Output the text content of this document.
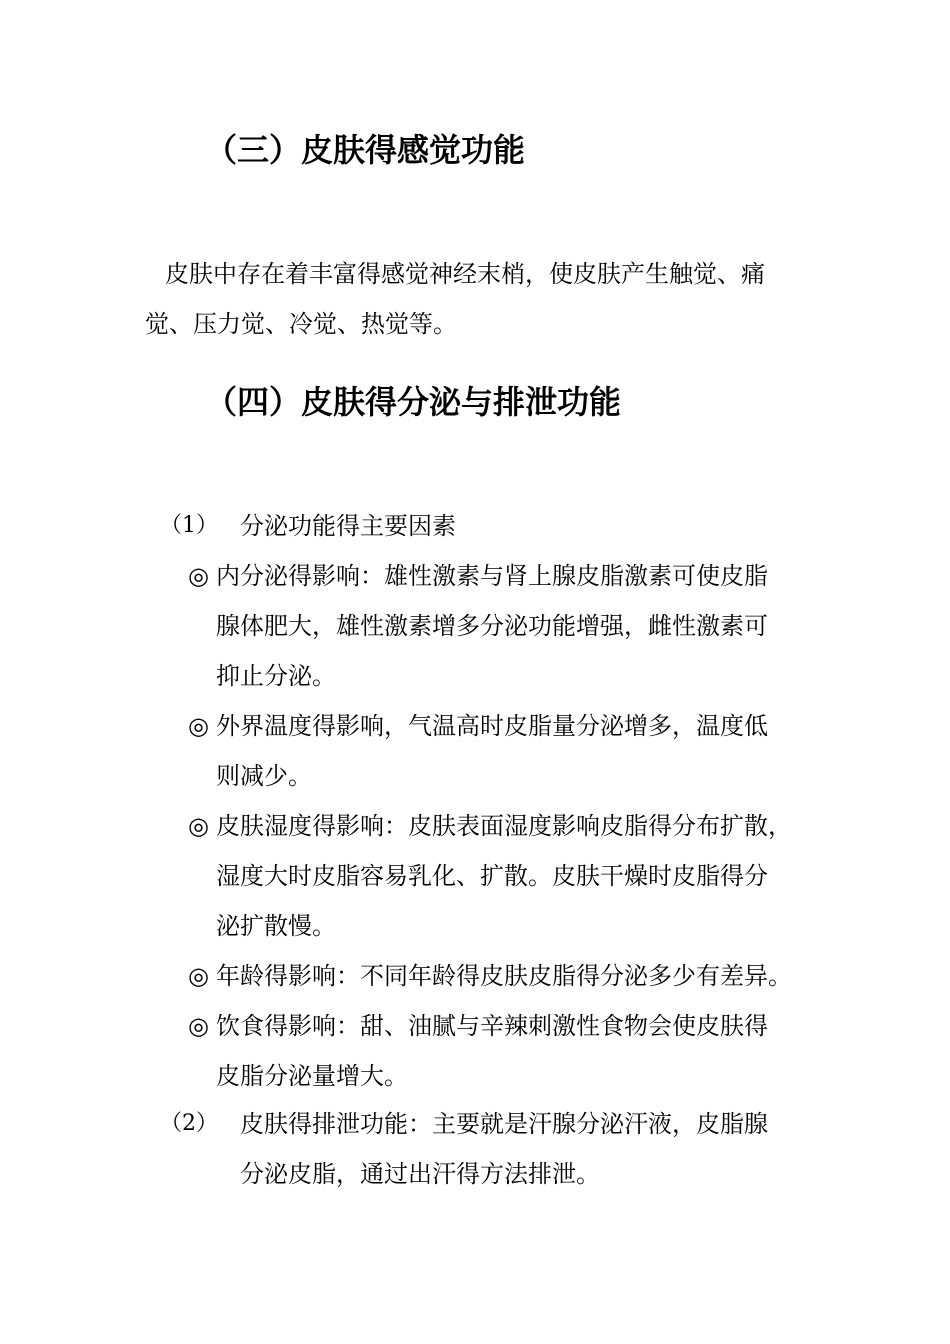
（三）皮肤得感觉功能
皮肤中存在着丰富得感觉神经末梢，使皮肤产生触觉、痛
觉、压力觉、冷觉、热觉等。
（四）皮肤得分泌与排泄功能
（1） 分泌功能得主要因素
◎ 内分泌得影响：雄性激素与肾上腺皮脂激素可使皮脂
腺体肥大，雄性激素增多分泌功能增强，雌性激素可
抑止分泌。
◎ 外界温度得影响，气温高时皮脂量分泌增多，温度低
则减少。
◎ 皮肤湿度得影响：皮肤表面湿度影响皮脂得分布扩散，
湿度大时皮脂容易乳化、扩散。皮肤干燥时皮脂得分
泌扩散慢。
◎ 年龄得影响：不同年龄得皮肤皮脂得分泌多少有差异。
◎ 饮食得影响：甜、油腻与辛辣刺激性食物会使皮肤得
皮脂分泌量增大。
（2） 皮肤得排泄功能：主要就是汗腺分泌汗液，皮脂腺
分泌皮脂，通过出汗得方法排泄。
